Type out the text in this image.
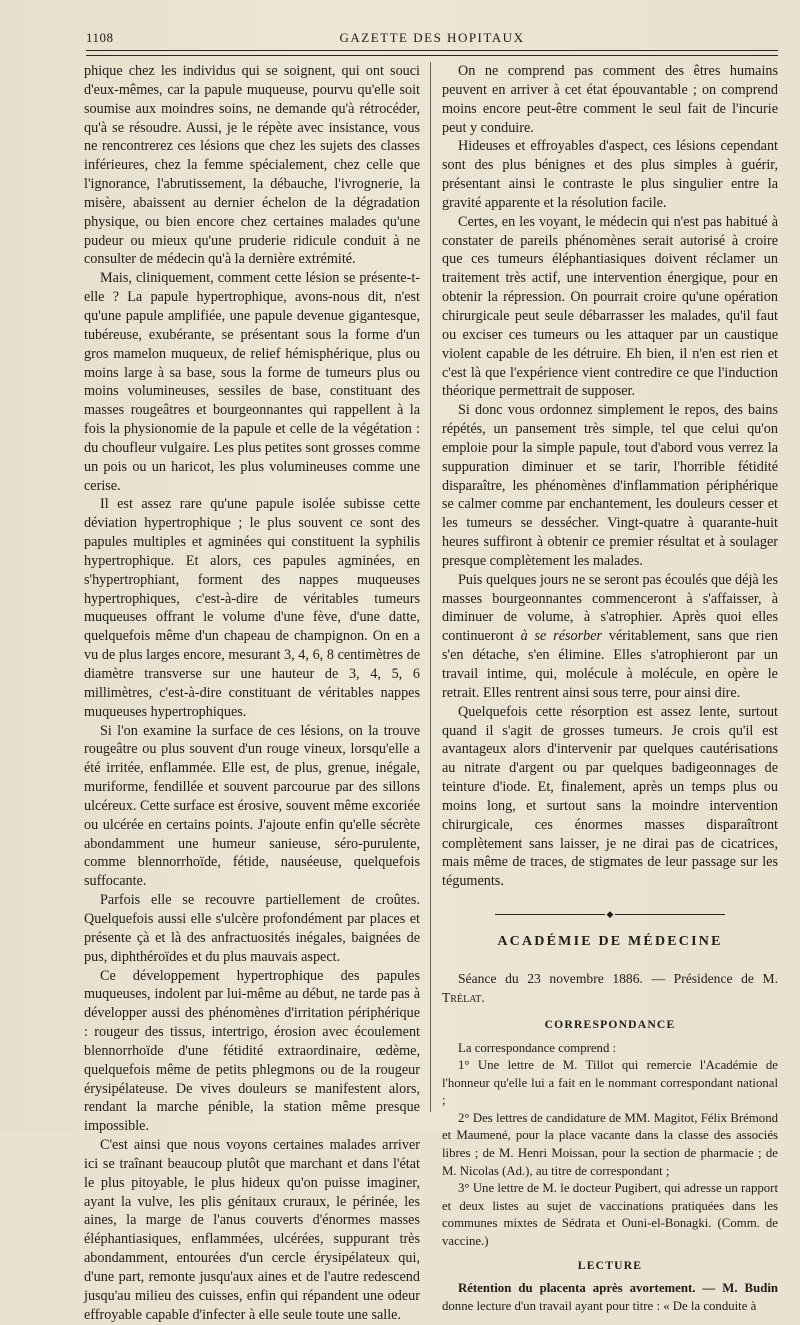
1108	GAZETTE DES HOPITAUX

phique chez les individus qui se soignent, qui ont souci d'eux-mêmes, car la papule muqueuse, pourvu qu'elle soit soumise aux moindres soins, ne demande qu'à rétrocéder, qu'à se résoudre. Aussi, je le répète avec insistance, vous ne rencontrerez ces lésions que chez les sujets des classes inférieures, chez la femme spécialement, chez celle que l'ignorance, l'abrutissement, la débauche, l'ivrognerie, la misère, abaissent au dernier échelon de la dégradation physique, ou bien encore chez certaines malades qu'une pudeur ou mieux qu'une pruderie ridicule conduit à ne consulter de médecin qu'à la dernière extrémité.

Mais, cliniquement, comment cette lésion se présente-t-elle ? La papule hypertrophique, avons-nous dit, n'est qu'une papule amplifiée, une papule devenue gigantesque, tubéreuse, exubérante, se présentant sous la forme d'un gros mamelon muqueux, de relief hémisphérique, plus ou moins large à sa base, sous la forme de tumeurs plus ou moins volumineuses, sessiles de base, constituant des masses rougeâtres et bourgeonnantes qui rappellent à la fois la physionomie de la papule et celle de la végétation : du choufleur vulgaire. Les plus petites sont grosses comme un pois ou un haricot, les plus volumineuses comme une cerise.

Il est assez rare qu'une papule isolée subisse cette déviation hypertrophique ; le plus souvent ce sont des papules multiples et agminées qui constituent la syphilis hypertrophique. Et alors, ces papules agminées, en s'hypertrophiant, forment des nappes muqueuses hypertrophiques, c'est-à-dire de véritables tumeurs muqueuses offrant le volume d'une fève, d'une datte, quelquefois même d'un chapeau de champignon. On en a vu de plus larges encore, mesurant 3, 4, 6, 8 centimètres de diamètre transverse sur une hauteur de 3, 4, 5, 6 millimètres, c'est-à-dire constituant de véritables nappes muqueuses hypertrophiques.

Si l'on examine la surface de ces lésions, on la trouve rougeâtre ou plus souvent d'un rouge vineux, lorsqu'elle a été irritée, enflammée. Elle est, de plus, grenue, inégale, muriforme, fendillée et souvent parcourue par des sillons ulcéreux. Cette surface est érosive, souvent même excoriée ou ulcérée en certains points. J'ajoute enfin qu'elle sécrète abondamment une humeur sanieuse, séro-purulente, comme blennorrhoïde, fétide, nauséeuse, quelquefois suffocante.

Parfois elle se recouvre partiellement de croûtes. Quelquefois aussi elle s'ulcère profondément par places et présente çà et là des anfractuosités inégales, baignées de pus, diphthéroïdes et du plus mauvais aspect.

Ce développement hypertrophique des papules muqueuses, indolent par lui-même au début, ne tarde pas à développer aussi des phénomènes d'irritation périphérique : rougeur des tissus, intertrigo, érosion avec écoulement blennorrhoïde d'une fétidité extraordinaire, œdème, quelquefois même de petits phlegmons ou de la rougeur érysipélateuse. De vives douleurs se manifestent alors, rendant la marche pénible, la station même presque impossible.

C'est ainsi que nous voyons certaines malades arriver ici se traînant beaucoup plutôt que marchant et dans l'état le plus pitoyable, le plus hideux qu'on puisse imaginer, ayant la vulve, les plis génitaux cruraux, le périnée, les aines, la marge de l'anus couverts d'énormes masses éléphantiasiques, enflammées, ulcérées, suppurant très abondamment, entourées d'un cercle érysipélateux qui, d'une part, remonte jusqu'aux aines et de l'autre redescend jusqu'au milieu des cuisses, enfin qui répandent une odeur effroyable capable d'infecter à elle seule toute une salle.

On ne comprend pas comment des êtres humains peuvent en arriver à cet état épouvantable ; on comprend moins encore peut-être comment le seul fait de l'incurie peut y conduire.

Hideuses et effroyables d'aspect, ces lésions cependant sont des plus bénignes et des plus simples à guérir, présentant ainsi le contraste le plus singulier entre la gravité apparente et la résolution facile.

Certes, en les voyant, le médecin qui n'est pas habitué à constater de pareils phénomènes serait autorisé à croire que ces tumeurs éléphantiasiques doivent réclamer un traitement très actif, une intervention énergique, pour en obtenir la répression. On pourrait croire qu'une opération chirurgicale peut seule débarrasser les malades, qu'il faut ou exciser ces tumeurs ou les attaquer par un caustique violent capable de les détruire. Eh bien, il n'en est rien et c'est là que l'expérience vient contredire ce que l'induction théorique permettrait de supposer.

Si donc vous ordonnez simplement le repos, des bains répétés, un pansement très simple, tel que celui qu'on emploie pour la simple papule, tout d'abord vous verrez la suppuration diminuer et se tarir, l'horrible fétidité disparaître, les phénomènes d'inflammation périphérique se calmer comme par enchantement, les douleurs cesser et les tumeurs se dessécher. Vingt-quatre à quarante-huit heures suffiront à obtenir ce premier résultat et à soulager presque complètement les malades.

Puis quelques jours ne se seront pas écoulés que déjà les masses bourgeonnantes commenceront à s'affaisser, à diminuer de volume, à s'atrophier. Après quoi elles continueront à se résorber véritablement, sans que rien s'en détache, s'en élimine. Elles s'atrophieront par un travail intime, qui, molécule à molécule, en opère le retrait. Elles rentrent ainsi sous terre, pour ainsi dire.

Quelquefois cette résorption est assez lente, surtout quand il s'agit de grosses tumeurs. Je crois qu'il est avantageux alors d'intervenir par quelques cautérisations au nitrate d'argent ou par quelques badigeonnages de teinture d'iode. Et, finalement, après un temps plus ou moins long, et surtout sans la moindre intervention chirurgicale, ces énormes masses disparaîtront complètement sans laisser, je ne dirai pas de cicatrices, mais même de traces, de stigmates de leur passage sur les téguments.

◆
ACADÉMIE DE MÉDECINE

Séance du 23 novembre 1886. — Présidence de M. Trélat.

CORRESPONDANCE

La correspondance comprend :

1° Une lettre de M. Tillot qui remercie l'Académie de l'honneur qu'elle lui a fait en le nommant correspondant national ;

2° Des lettres de candidature de MM. Magitot, Félix Brémond et Maumené, pour la place vacante dans la classe des associés libres ; de M. Henri Moissan, pour la section de pharmacie ; de M. Nicolas (Ad.), au titre de correspondant ;

3° Une lettre de M. le docteur Pugibert, qui adresse un rapport et deux listes au sujet de vaccinations pratiquées dans les communes mixtes de Sédrata et Ouni-el-Bonagki. (Comm. de vaccine.)

LECTURE

Rétention du placenta après avortement. — M. Budin donne lecture d'un travail ayant pour titre : « De la conduite à
